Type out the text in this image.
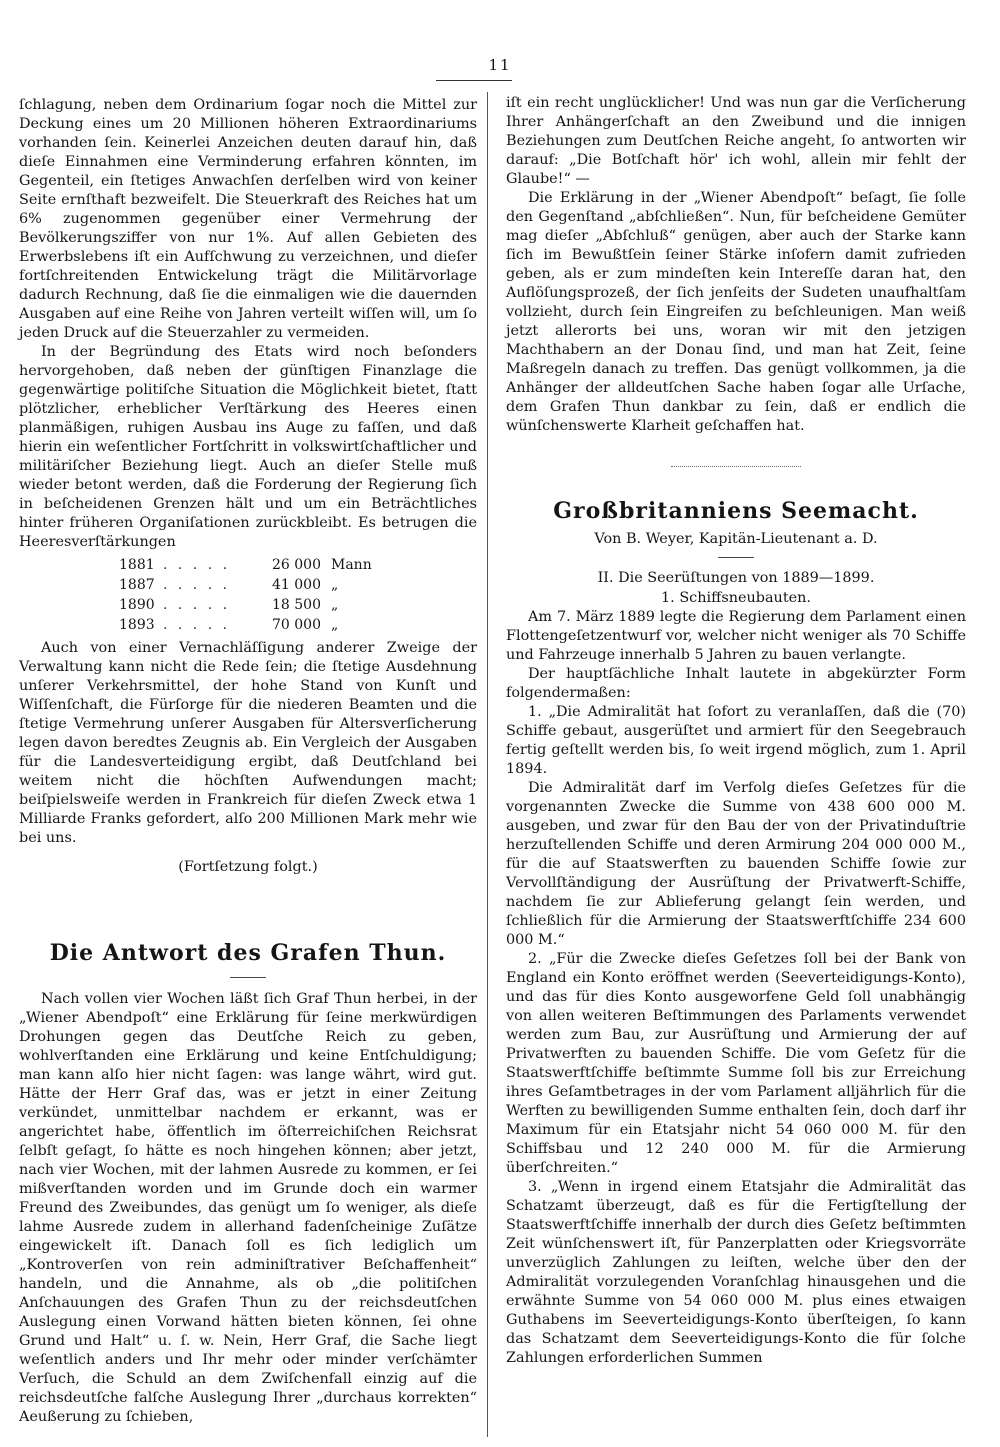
11

ſchlagung, neben dem Ordinarium ſogar noch die Mittel zur Deckung eines um 20 Millionen höheren Extraordinariums vorhanden ſein. Keinerlei Anzeichen deuten darauf hin, daß dieſe Einnahmen eine Verminderung erfahren könnten, im Gegenteil, ein ſtetiges Anwachſen derſelben wird von keiner Seite ernſthaft bezweifelt. Die Steuerkraft des Reiches hat um 6% zugenommen gegenüber einer Vermehrung der Bevölkerungsziffer von nur 1%. Auf allen Gebieten des Erwerbslebens iſt ein Aufſchwung zu verzeichnen, und dieſer fortſchreitenden Entwickelung trägt die Militärvorlage dadurch Rechnung, daß ſie die einmaligen wie die dauernden Ausgaben auf eine Reihe von Jahren verteilt wiſſen will, um ſo jeden Druck auf die Steuerzahler zu vermeiden.

In der Begründung des Etats wird noch beſonders hervorgehoben, daß neben der günſtigen Finanzlage die gegenwärtige politiſche Situation die Möglichkeit bietet, ſtatt plötzlicher, erheblicher Verſtärkung des Heeres einen planmäßigen, ruhigen Ausbau ins Auge zu faſſen, und daß hierin ein weſentlicher Fortſchritt in volkswirtſchaftlicher und militäriſcher Beziehung liegt. Auch an dieſer Stelle muß wieder betont werden, daß die Forderung der Regierung ſich in beſcheidenen Grenzen hält und um ein Beträchtliches hinter früheren Organiſationen zurückbleibt. Es betrugen die Heeresverſtärkungen

1881 . . . . .	26 000 Mann
1887 . . . . .	41 000 „
1890 . . . . .	18 500 „
1893 . . . . .	70 000 „

Auch von einer Vernachläſſigung anderer Zweige der Verwaltung kann nicht die Rede ſein; die ſtetige Ausdehnung unſerer Verkehrsmittel, der hohe Stand von Kunſt und Wiſſenſchaft, die Fürſorge für die niederen Beamten und die ſtetige Vermehrung unſerer Ausgaben für Altersverſicherung legen davon beredtes Zeugnis ab. Ein Vergleich der Ausgaben für die Landesverteidigung ergibt, daß Deutſchland bei weitem nicht die höchſten Aufwendungen macht; beiſpielsweiſe werden in Frankreich für dieſen Zweck etwa 1 Milliarde Franks gefordert, alſo 200 Millionen Mark mehr wie bei uns.

(Fortſetzung folgt.)
Die Antwort des Grafen Thun.

Nach vollen vier Wochen läßt ſich Graf Thun herbei, in der „Wiener Abendpoſt“ eine Erklärung für ſeine merkwürdigen Drohungen gegen das Deutſche Reich zu geben, wohlverſtanden eine Erklärung und keine Entſchuldigung; man kann alſo hier nicht ſagen: was lange währt, wird gut. Hätte der Herr Graf das, was er jetzt in einer Zeitung verkündet, unmittelbar nachdem er erkannt, was er angerichtet habe, öffentlich im öſterreichiſchen Reichsrat ſelbſt geſagt, ſo hätte es noch hingehen können; aber jetzt, nach vier Wochen, mit der lahmen Ausrede zu kommen, er ſei mißverſtanden worden und im Grunde doch ein warmer Freund des Zweibundes, das genügt um ſo weniger, als dieſe lahme Ausrede zudem in allerhand fadenſcheinige Zuſätze eingewickelt iſt. Danach ſoll es ſich lediglich um „Kontroverſen von rein adminiſtrativer Beſchaffenheit“ handeln, und die Annahme, als ob „die politiſchen Anſchauungen des Grafen Thun zu der reichsdeutſchen Auslegung einen Vorwand hätten bieten können, ſei ohne Grund und Halt“ u. ſ. w. Nein, Herr Graf, die Sache liegt weſentlich anders und Ihr mehr oder minder verſchämter Verſuch, die Schuld an dem Zwiſchenfall einzig auf die reichsdeutſche falſche Auslegung Ihrer „durchaus korrekten“ Aeußerung zu ſchieben,

iſt ein recht unglücklicher! Und was nun gar die Verſicherung Ihrer Anhängerſchaft an den Zweibund und die innigen Beziehungen zum Deutſchen Reiche angeht, ſo antworten wir darauf: „Die Botſchaft hör' ich wohl, allein mir fehlt der Glaube!“ —

Die Erklärung in der „Wiener Abendpoſt“ beſagt, ſie ſolle den Gegenſtand „abſchließen“. Nun, für beſcheidene Gemüter mag dieſer „Abſchluß“ genügen, aber auch der Starke kann ſich im Bewußtſein ſeiner Stärke inſofern damit zufrieden geben, als er zum mindeſten kein Intereſſe daran hat, den Auflöſungsprozeß, der ſich jenſeits der Sudeten unaufhaltſam vollzieht, durch ſein Eingreifen zu beſchleunigen. Man weiß jetzt allerorts bei uns, woran wir mit den jetzigen Machthabern an der Donau ſind, und man hat Zeit, ſeine Maßregeln danach zu treffen. Das genügt vollkommen, ja die Anhänger der alldeutſchen Sache haben ſogar alle Urſache, dem Grafen Thun dankbar zu ſein, daß er endlich die wünſchenswerte Klarheit geſchaffen hat.

Großbritanniens Seemacht.
Von B. Weyer, Kapitän-Lieutenant a. D.
II. Die Seerüſtungen von 1889—1899.
1. Schiffsneubauten.

Am 7. März 1889 legte die Regierung dem Parlament einen Flottengeſetzentwurf vor, welcher nicht weniger als 70 Schiffe und Fahrzeuge innerhalb 5 Jahren zu bauen verlangte.

Der hauptſächliche Inhalt lautete in abgekürzter Form folgendermaßen:

1. „Die Admiralität hat ſofort zu veranlaſſen, daß die (70) Schiffe gebaut, ausgerüſtet und armiert für den Seegebrauch fertig geſtellt werden bis, ſo weit irgend möglich, zum 1. April 1894.

Die Admiralität darf im Verfolg dieſes Geſetzes für die vorgenannten Zwecke die Summe von 438 600 000 M. ausgeben, und zwar für den Bau der von der Privatinduſtrie herzuſtellenden Schiffe und deren Armirung 204 000 000 M., für die auf Staatswerften zu bauenden Schiffe ſowie zur Vervollſtändigung der Ausrüſtung der Privatwerft-Schiffe, nachdem ſie zur Ablieferung gelangt ſein werden, und ſchließlich für die Armierung der Staatswerftſchiffe 234 600 000 M.“

2. „Für die Zwecke dieſes Geſetzes ſoll bei der Bank von England ein Konto eröffnet werden (Seeverteidigungs-Konto), und das für dies Konto ausgeworfene Geld ſoll unabhängig von allen weiteren Beſtimmungen des Parlaments verwendet werden zum Bau, zur Ausrüſtung und Armierung der auf Privatwerften zu bauenden Schiffe. Die vom Geſetz für die Staatswerftſchiffe beſtimmte Summe ſoll bis zur Erreichung ihres Geſamtbetrages in der vom Parlament alljährlich für die Werften zu bewilligenden Summe enthalten ſein, doch darf ihr Maximum für ein Etatsjahr nicht 54 060 000 M. für den Schiffsbau und 12 240 000 M. für die Armierung überſchreiten.“

3. „Wenn in irgend einem Etatsjahr die Admiralität das Schatzamt überzeugt, daß es für die Fertigſtellung der Staatswerftſchiffe innerhalb der durch dies Geſetz beſtimmten Zeit wünſchenswert iſt, für Panzerplatten oder Kriegsvorräte unverzüglich Zahlungen zu leiſten, welche über den der Admiralität vorzulegenden Voranſchlag hinausgehen und die erwähnte Summe von 54 060 000 M. plus eines etwaigen Guthabens im Seeverteidigungs-Konto überſteigen, ſo kann das Schatzamt dem Seeverteidigungs-Konto die für ſolche Zahlungen erforderlichen Summen
